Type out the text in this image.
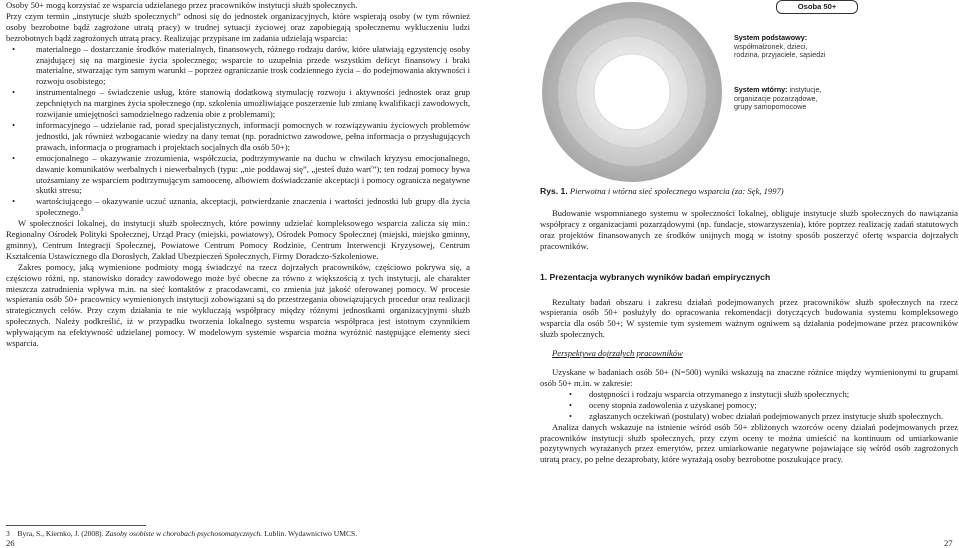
Osoby 50+ mogą korzystać ze wsparcia udzielanego przez pracowników instytucji służb społecznych.

Przy czym termin „instytucje służb społecznych” odnosi się do jednostek organizacyjnych, które wspierają osoby (w tym również osoby bezrobotne bądź zagrożone utratą pracy) w trudnej sytuacji życiowej oraz zapobiegają społecznemu wykluczeniu ludzi bezrobotnych bądź zagrożonych utratą pracy. Realizując przypisane im zadania udzielają wsparcia:

• materialnego – dostarczanie środków materialnych, finansowych, różnego rodzaju darów, które ułatwiają egzystencję osoby znajdującej się na marginesie życia społecznego; wsparcie to uzupełnia przede wszystkim deficyt finansowy i braki materialne, stwarzając tym samym warunki – poprzez ograniczanie trosk codziennego życia – do podejmowania aktywności i rozwoju osobistego;
• instrumentalnego – świadczenie usług, które stanowią dodatkową stymulację rozwoju i aktywności jednostek oraz grup zepchniętych na margines życia społecznego (np. szkolenia umożliwiające poszerzenie lub zmianę kwalifikacji zawodowych, rozwijanie umiejętności samodzielnego radzenia obie z problemami);
• informacyjnego – udzielanie rad, porad specjalistycznych, informacji pomocnych w rozwiązywaniu życiowych problemów jednostki, jak również wzbogacanie wiedzy na dany temat (np. poradnictwo zawodowe, pełna informacja o przysługujących prawach, informacja o programach i projektach socjalnych dla osób 50+);
• emocjonalnego – okazywanie zrozumienia, współczucia, podtrzymywanie na duchu w chwilach kryzysu emocjonalnego, dawanie komunikatów werbalnych i niewerbalnych (typu: „nie poddawaj się”, „jesteś dużo warť”); ten rodzaj pomocy bywa utożsamiany ze wsparciem podtrzymującym samoocenę, albowiem doświadczanie akceptacji i pomocy ogranicza negatywne skutki stresu;
• wartościującego – okazywanie uczuć uznania, akceptacji, potwierdzanie znaczenia i wartości jednostki lub grupy dla życia społecznego.$^3$

W społeczności lokalnej, do instytucji służb społecznych, które powinny udzielać kompleksowego wsparcia zalicza się min.: Regionalny Ośrodek Polityki Społecznej, Urząd Pracy (miejski, powiatowy), Ośrodek Pomocy Społecznej (miejski, miejsko gminny, gminny), Centrum Integracji Społecznej, Powiatowe Centrum Pomocy Rodzinie, Centrum Interwencji Kryzysowej, Centrum Kształcenia Ustawicznego dla Dorosłych, Zakład Ubezpieczeń Społecznych, Firmy Doradczo-Szkoleniowe.

Zakres pomocy, jaką wymienione podmioty mogą świadczyć na rzecz dojrzałych pracowników, częściowo pokrywa się, a częściowo różni, np. stanowisko doradcy zawodowego może być obecne za równo z większością z tych instytucji, ale charakter mieszcza zatrudnienia wpływa m.in. na sieć kontaktów z pracodawcami, co zmienia już jakość oferowanej pomocy. W procesie wspierania osób 50+ pracownicy wymienionych instytucji zobowiązani są do przestrzegania obowiązujących procedur oraz realizacji strategicznych celów. Przy czym działania te nie wykluczają współpracy między różnymi jednostkami organizacyjnymi służb społecznych. Należy podkreślić, iż w przypadku tworzenia lokalnego systemu wsparcia współpraca jest istotnym czynnikiem wpływającym na efektywność udzielanej pomocy. W modelowym systemie wsparcia można wyróżnić następujące elementy sieci wsparcia.

3 Byra, S., Kiernko, J. (2008). Zasoby osobiste w chorobach psychosomatycznych. Lublin. Wydawnictwo UMCS.
26	27
Osoba 50+
System podstawowy: współmałżonek, dzieci, rodzina, przyjaciele, sąsiedzi
System wtórny: instytucje, organizacje pozarządowe, grupy samopomocowe
Rys. 1. Pierwotna i wtórna sieć społecznego wsparcia (za: Sęk, 1997)

Budowanie wspomnianego systemu w społeczności lokalnej, obliguje instytucje służb społecznych do nawiązania współpracy z organizacjami pozarządowymi (np. fundacje, stowarzyszenia), które poprzez realizację zadań statutowych oraz projektów finansowanych ze środków unijnych mogą w istotny sposób poszerzyć ofertę wsparcia dojrzałych pracowników.

1. Prezentacja wybranych wyników badań empirycznych

Rezultaty badań obszaru i zakresu działań podejmowanych przez pracowników służb społecznych na rzecz wspierania osób 50+ posłużyły do opracowania rekomendacji dotyczących budowania systemu kompleksowego wsparcia dla osób 50+; W systemie tym systemem ważnym ogniwem są działania podejmowane przez pracowników służb społecznych.

Perspektywa dojrzałych pracowników

Uzyskane w badaniach osób 50+ (N=500) wyniki wskazują na znaczne różnice między wymienionymi tu grupami osób 50+ m.in. w zakresie:

• dostępności i rodzaju wsparcia otrzymanego z instytucji służb społecznych;
• oceny stopnia zadowolenia z uzyskanej pomocy;
• zgłaszanych oczekiwań (postulaty) wobec działań podejmowanych przez instytucje służb społecznych.

Analiza danych wskazuje na istnienie wśród osób 50+ zbliżonych wzorców oceny działań podejmowanych przez pracowników instytucji służb społecznych, przy czym oceny te można umieścić na kontinuum od umiarkowanie pozytywnych wyrażanych przez emerytów, przez umiarkowanie negatywne pojawiające się wśród osób zagrożonych utratą pracy, po pełne dezaprobaty, które wyrażają osoby bezrobotne poszukujące pracy.
